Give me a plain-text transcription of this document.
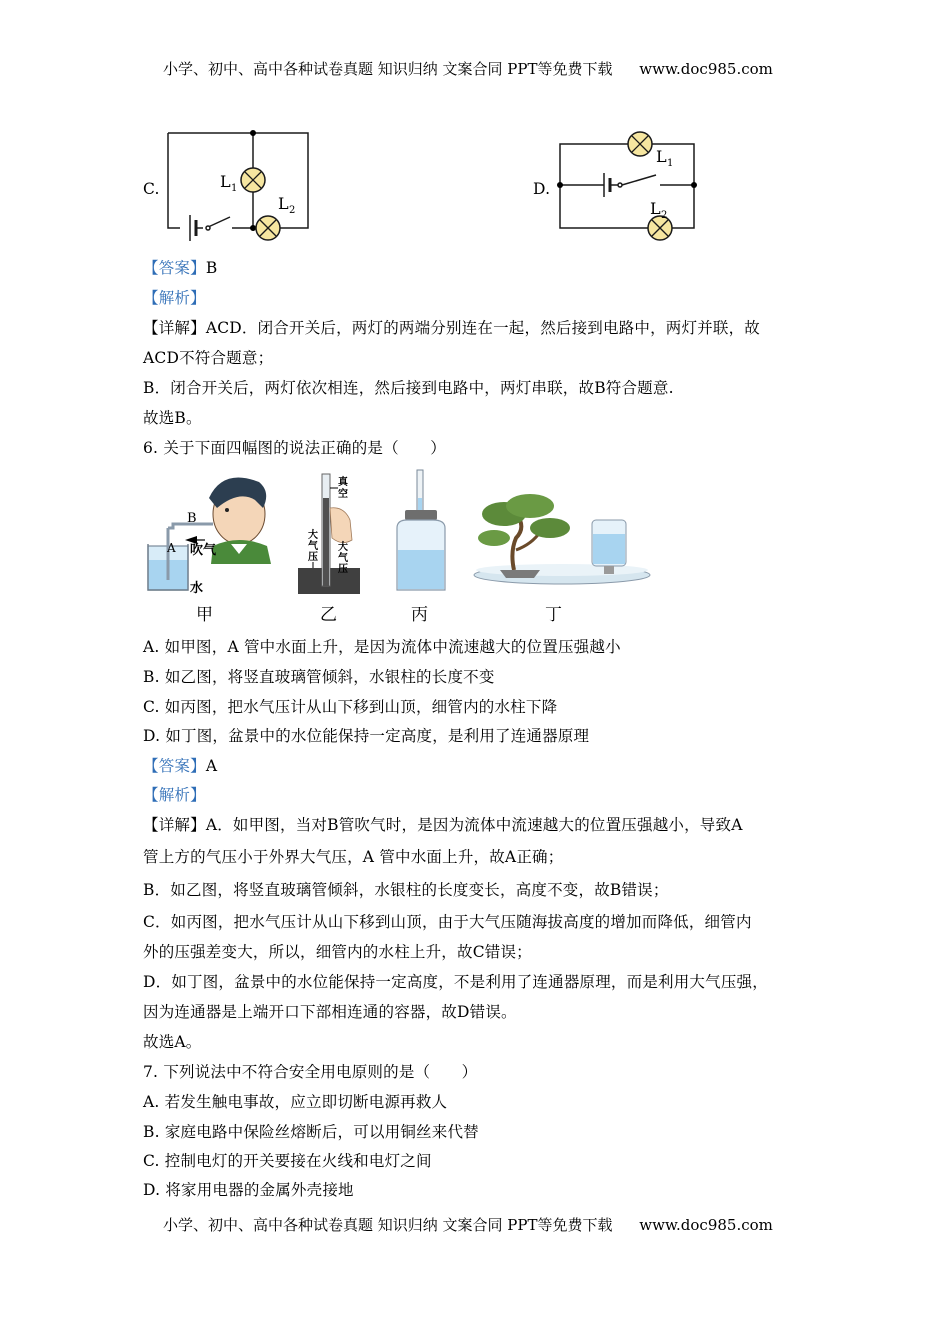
小学、初中、高中各种试卷真题 知识归纳 文案合同 PPT等免费下载 www.doc985.com
C.	L 1
L 2
D.
L 1
L 2
【答案】B
【解析】
【详解】ACD．闭合开关后，两灯的两端分别连在一起，然后接到电路中，两灯并联，故
ACD不符合题意；
B．闭合开关后，两灯依次相连，然后接到电路中，两灯串联，故B符合题意.
故选B。
6. 关于下面四幅图的说法正确的是（　　）
B
A 吹气
水
甲
真
空
大
气
压
大
气
压
乙	丙	丁
A. 如甲图，A 管中水面上升，是因为流体中流速越大的位置压强越小
B. 如乙图，将竖直玻璃管倾斜，水银柱的长度不变
C. 如丙图，把水气压计从山下移到山顶，细管内的水柱下降
D. 如丁图，盆景中的水位能保持一定高度，是利用了连通器原理
【答案】A
【解析】
【详解】A．如甲图，当对B管吹气时，是因为流体中流速越大的位置压强越小，导致A
管上方的气压小于外界大气压，A 管中水面上升，故A正确；
B．如乙图，将竖直玻璃管倾斜，水银柱的长度变长，高度不变，故B错误；
C．如丙图，把水气压计从山下移到山顶，由于大气压随海拔高度的增加而降低，细管内
外的压强差变大，所以，细管内的水柱上升，故C错误；
D．如丁图，盆景中的水位能保持一定高度，不是利用了连通器原理，而是利用大气压强，
因为连通器是上端开口下部相连通的容器，故D错误。
故选A。
7. 下列说法中不符合安全用电原则的是（　　）
A. 若发生触电事故，应立即切断电源再救人
B. 家庭电路中保险丝熔断后，可以用铜丝来代替
C. 控制电灯的开关要接在火线和电灯之间
D. 将家用电器的金属外壳接地
小学、初中、高中各种试卷真题 知识归纳 文案合同 PPT等免费下载 www.doc985.com
